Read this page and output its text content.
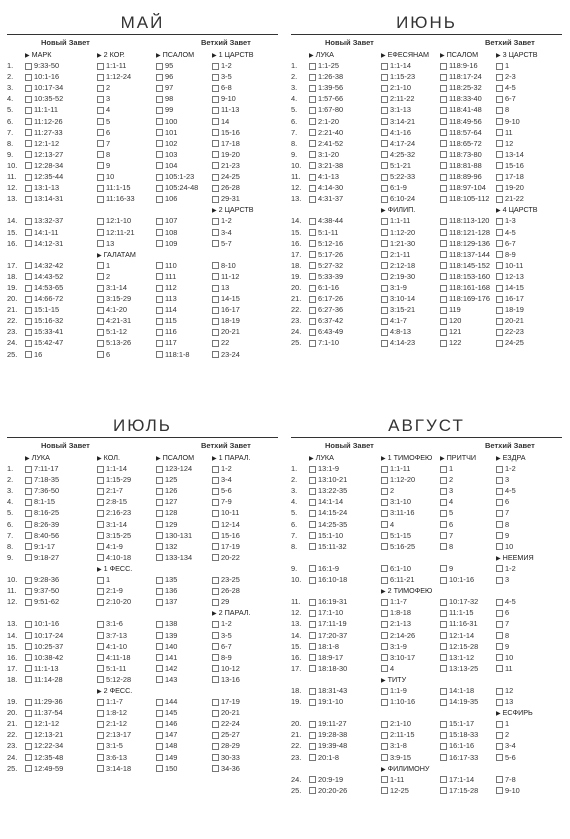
МАЙ
Новый Завет	Ветхий Завет
▶ МАРК	▶ 2 КОР.	▶ ПСАЛОМ	▶ 1 ЦАРСТВ
1.	9:33-50	1:1-11	95	1-2
2.	10:1-16	1:12-24	96	3-5
3.	10:17-34	2	97	6-8
4.	10:35-52	3	98	9-10
5.	11:1-11	4	99	11-13
6.	11:12-26	5	100	14
7.	11:27-33	6	101	15-16
8.	12:1-12	7	102	17-18
9.	12:13-27	8	103	19-20
10.	12:28-34	9	104	21-23
11.	12:35-44	10	105:1-23	24-25
12.	13:1-13	11:1-15	105:24-48	26-28
13.	13:14-31	11:16-33	106	29-31
▶ 2 ЦАРСТВ
14.	13:32-37	12:1-10	107	1-2
15.	14:1-11	12:11-21	108	3-4
16.	14:12-31	13	109	5-7
▶ ГАЛАТАМ
17.	14:32-42	1	110	8-10
18.	14:43-52	2	111	11-12
19.	14:53-65	3:1-14	112	13
20.	14:66-72	3:15-29	113	14-15
21.	15:1-15	4:1-20	114	16-17
22.	15:16-32	4:21-31	115	18-19
23.	15:33-41	5:1-12	116	20-21
24.	15:42-47	5:13-26	117	22
25.	16	6	118:1-8	23-24
ИЮНЬ
Новый Завет	Ветхий Завет
▶ ЛУКА	▶ ЕФЕСЯНАМ ▶ ПСАЛОМ	▶ 3 ЦАРСТВ
1.	1:1-25	1:1-14	118:9-16	1
2.	1:26-38	1:15-23	118:17-24	2-3
3.	1:39-56	2:1-10	118:25-32	4-5
4.	1:57-66	2:11-22	118:33-40	6-7
5.	1:67-80	3:1-13	118:41-48	8
6.	2:1-20	3:14-21	118:49-56	9-10
7.	2:21-40	4:1-16	118:57-64	11
8.	2:41-52	4:17-24	118:65-72	12
9.	3:1-20	4:25-32	118:73-80	13-14
10.	3:21-38	5:1-21	118:81-88	15-16
11.	4:1-13	5:22-33	118:89-96	17-18
12.	4:14-30	6:1-9	118:97-104	19-20
13.	4:31-37	6:10-24	118:105-112	21-22
▶ ФИЛИП.	▶ 4 ЦАРСТВ
14.	4:38-44	1:1-11	118:113-120	1-3
15.	5:1-11	1:12-20	118:121-128	4-5
16.	5:12-16	1:21-30	118:129-136	6-7
17.	5:17-26	2:1-11	118:137-144	8-9
18.	5:27-32	2:12-18	118:145-152	10-11
19.	5:33-39	2:19-30	118:153-160	12-13
20.	6:1-16	3:1-9	118:161-168	14-15
21.	6:17-26	3:10-14	118:169-176	16-17
22.	6:27-36	3:15-21	119	18-19
23.	6:37-42	4:1-7	120	20-21
24.	6:43-49	4:8-13	121	22-23
25.	7:1-10	4:14-23	122	24-25
ИЮЛЬ
Новый Завет	Ветхий Завет
▶ ЛУКА	▶ КОЛ.	▶ ПСАЛОМ	▶ 1 ПАРАЛ.
1.	7:11-17	1:1-14	123-124	1-2
2.	7:18-35	1:15-29	125	3-4
3.	7:36-50	2:1-7	126	5-6
4.	8:1-15	2:8-15	127	7-9
5.	8:16-25	2:16-23	128	10-11
6.	8:26-39	3:1-14	129	12-14
7.	8:40-56	3:15-25	130-131	15-16
8.	9:1-17	4:1-9	132	17-19
9.	9:18-27	4:10-18	133-134	20-22
▶ 1 ФЕСС.
10.	9:28-36	1	135	23-25
11.	9:37-50	2:1-9	136	26-28
12.	9:51-62	2:10-20	137	29
▶ 2 ПАРАЛ.
13.	10:1-16	3:1-6	138	1-2
14.	10:17-24	3:7-13	139	3-5
15.	10:25-37	4:1-10	140	6-7
16.	10:38-42	4:11-18	141	8-9
17.	11:1-13	5:1-11	142	10-12
18.	11:14-28	5:12-28	143	13-16
▶ 2 ФЕСС.
19.	11:29-36	1:1-7	144	17-19
20.	11:37-54	1:8-12	145	20-21
21.	12:1-12	2:1-12	146	22-24
22.	12:13-21	2:13-17	147	25-27
23.	12:22-34	3:1-5	148	28-29
24.	12:35-48	3:6-13	149	30-33
25.	12:49-59	3:14-18	150	34-36
АВГУСТ
Новый Завет	Ветхий Завет
▶ ЛУКА	▶ 1 ТИМОФЕЮ ▶ ПРИТЧИ	▶ ЕЗДРА
1.	13:1-9	1:1-11	1	1-2
2.	13:10-21	1:12-20	2	3
3.	13:22-35	2	3	4-5
4.	14:1-14	3:1-10	4	6
5.	14:15-24	3:11-16	5	7
6.	14:25-35	4	6	8
7.	15:1-10	5:1-15	7	9
8.	15:11-32	5:16-25	8	10
▶ НЕЕМИЯ
9.	16:1-9	6:1-10	9	1-2
10.	16:10-18	6:11-21	10:1-16	3
▶ 2 ТИМОФЕЮ
11.	16:19-31	1:1-7	10:17-32	4-5
12.	17:1-10	1:8-18	11:1-15	6
13.	17:11-19	2:1-13	11:16-31	7
14.	17:20-37	2:14-26	12:1-14	8
15.	18:1-8	3:1-9	12:15-28	9
16.	18:9-17	3:10-17	13:1-12	10
17.	18:18-30	4	13:13-25	11
▶ ТИТУ
18.	18:31-43	1:1-9	14:1-18	12
19.	19:1-10	1:10-16	14:19-35	13
▶ ЕСФИРЬ
20.	19:11-27	2:1-10	15:1-17	1
21.	19:28-38	2:11-15	15:18-33	2
22.	19:39-48	3:1-8	16:1-16	3-4
23.	20:1-8	3:9-15	16:17-33	5-6
▶ ФИЛИМОНУ
24.	20:9-19	1-11	17:1-14	7-8
25.	20:20-26	12-25	17:15-28	9-10
